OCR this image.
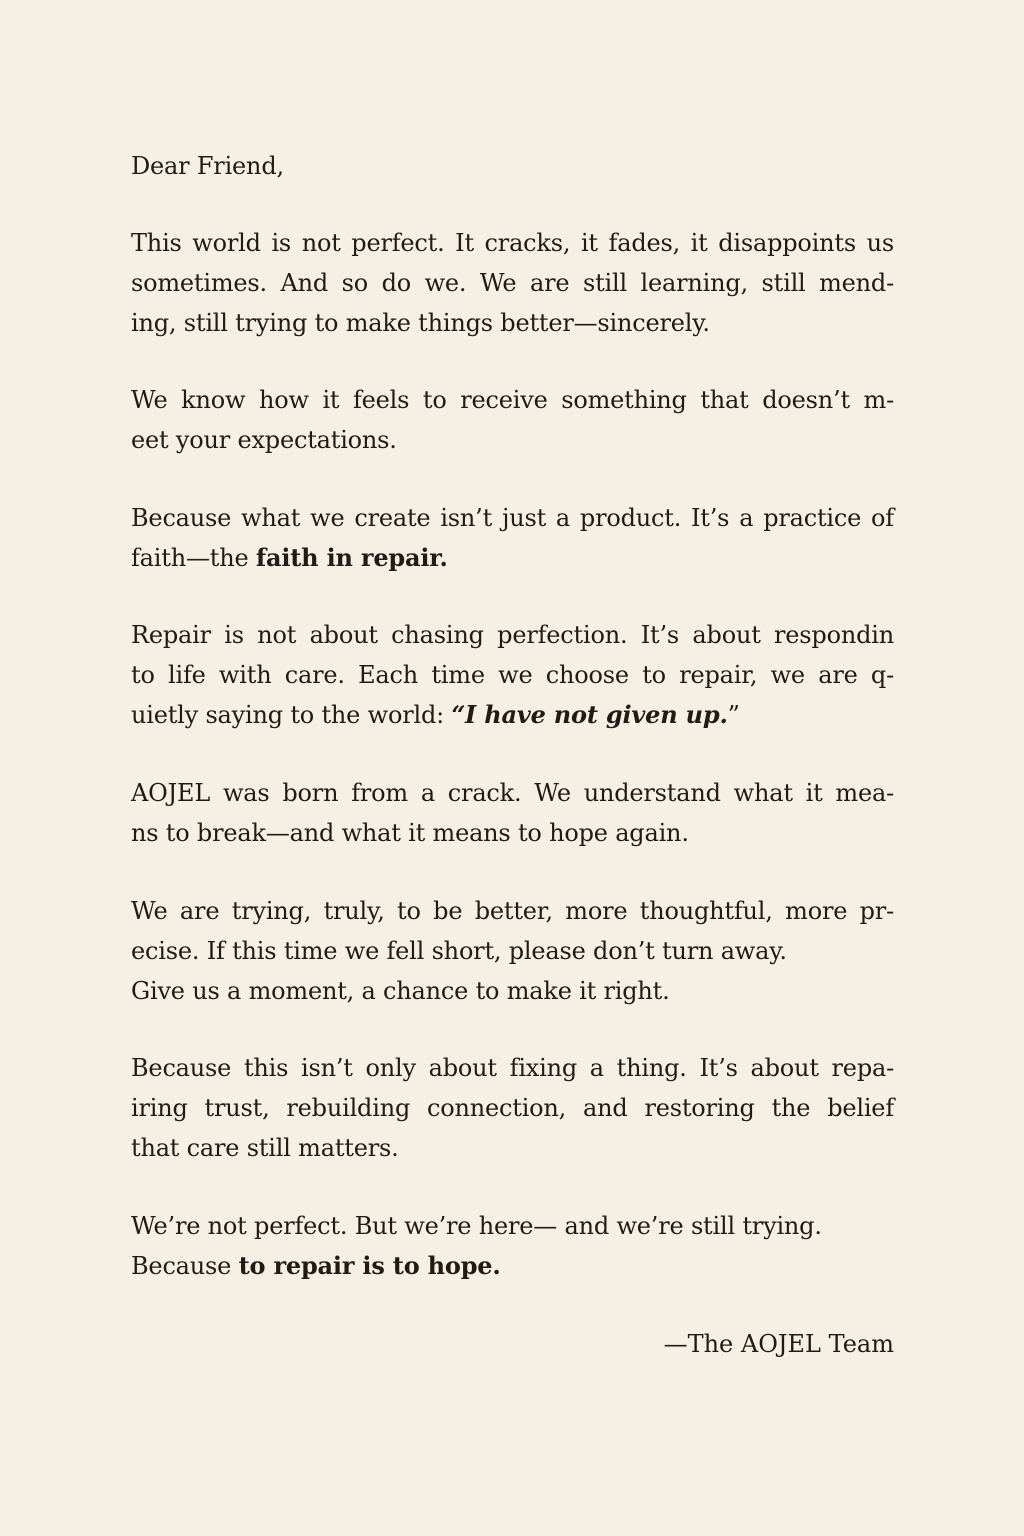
Dear Friend,
This world is not perfect. It cracks, it fades, it disappoints us
sometimes. And so do we. We are still learning, still mend-
ing, still trying to make things better—sincerely.
We know how it feels to receive something that doesn’t m-
eet your expectations.
Because what we create isn’t just a product. It’s a practice of
faith—the faith in repair.
Repair is not about chasing perfection. It’s about respondin
to life with care. Each time we choose to repair, we are q-
uietly saying to the world: “I have not given up.”
AOJEL was born from a crack. We understand what it mea-
ns to break—and what it means to hope again.
We are trying, truly, to be better, more thoughtful, more pr-
ecise. If this time we fell short, please don’t turn away.
Give us a moment, a chance to make it right.
Because this isn’t only about fixing a thing. It’s about repa-
iring trust, rebuilding connection, and restoring the belief
that care still matters.
We’re not perfect. But we’re here— and we’re still trying.
Because to repair is to hope.
—The AOJEL Team
